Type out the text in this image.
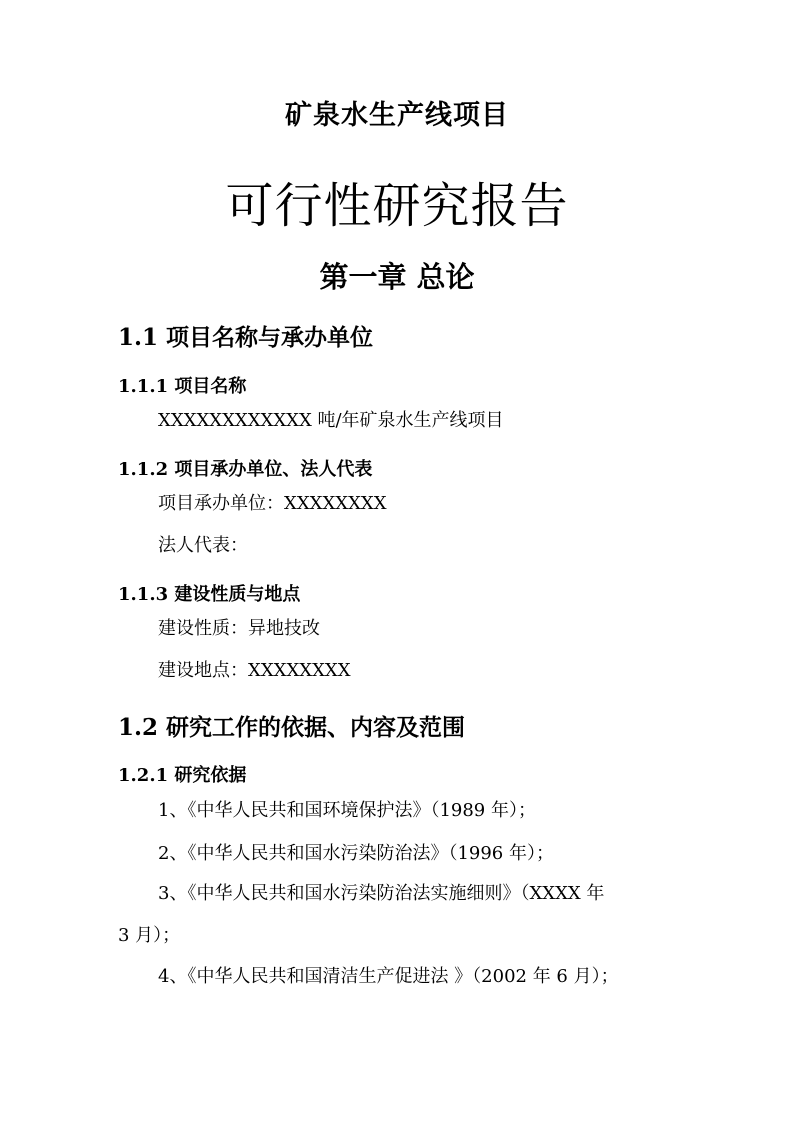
矿泉水生产线项目
可行性研究报告
第一章 总论
1.1 项目名称与承办单位
1.1.1 项目名称
XXXXXXXXXXXX 吨/年矿泉水生产线项目
1.1.2 项目承办单位、法人代表
项目承办单位：XXXXXXXX
法人代表：
1.1.3 建设性质与地点
建设性质：异地技改
建设地点：XXXXXXXX
1.2 研究工作的依据、内容及范围
1.2.1 研究依据
1、《中华人民共和国环境保护法》（1989 年）；
2、《中华人民共和国水污染防治法》（1996 年）；
3、《中华人民共和国水污染防治法实施细则》（XXXX 年
3 月）；
4、《中华人民共和国清洁生产促进法 》（2002 年 6 月）；
